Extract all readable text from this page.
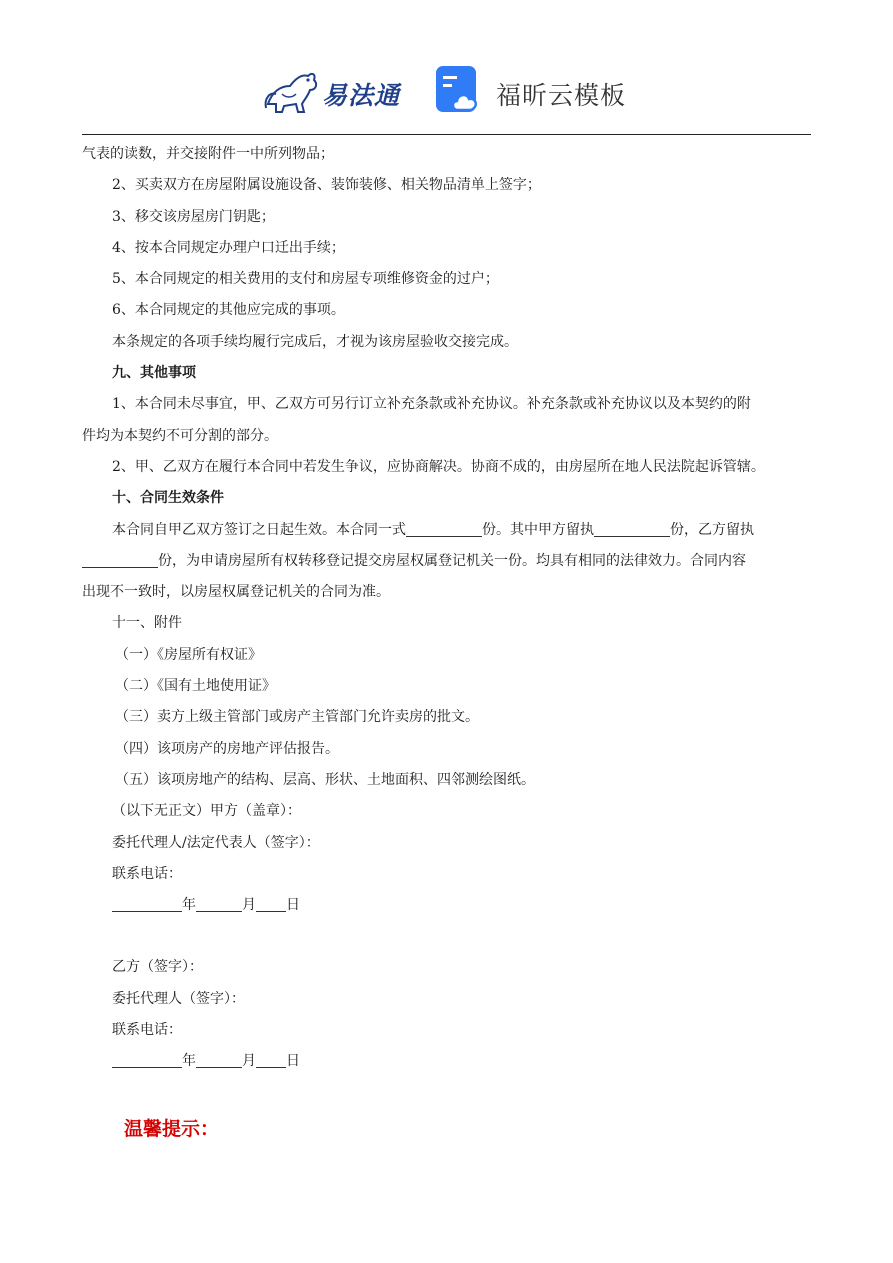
易法通	福昕云模板

气表的读数，并交接附件一中所列物品；

2、买卖双方在房屋附属设施设备、装饰装修、相关物品清单上签字；

3、移交该房屋房门钥匙；

4、按本合同规定办理户口迁出手续；

5、本合同规定的相关费用的支付和房屋专项维修资金的过户；

6、本合同规定的其他应完成的事项。

本条规定的各项手续均履行完成后，才视为该房屋验收交接完成。

九、其他事项

1、本合同未尽事宜，甲、乙双方可另行订立补充条款或补充协议。补充条款或补充协议以及本契约的附

件均为本契约不可分割的部分。

2、甲、乙双方在履行本合同中若发生争议，应协商解决。协商不成的，由房屋所在地人民法院起诉管辖。

十、合同生效条件

本合同自甲乙双方签订之日起生效。本合同一式	份。其中甲方留执	份，乙方留执

份，为申请房屋所有权转移登记提交房屋权属登记机关一份。均具有相同的法律效力。合同内容

出现不一致时，以房屋权属登记机关的合同为准。

十一、附件

（一）《房屋所有权证》

（二）《国有土地使用证》

（三）卖方上级主管部门或房产主管部门允许卖房的批文。

（四）该项房产的房地产评估报告。

（五）该项房地产的结构、层高、形状、土地面积、四邻测绘图纸。

（以下无正文）甲方（盖章）：

委托代理人/法定代表人（签字）：

联系电话：

年	月 日

乙方（签字）：

委托代理人（签字）：

联系电话：

年	月 日

温馨提示：
